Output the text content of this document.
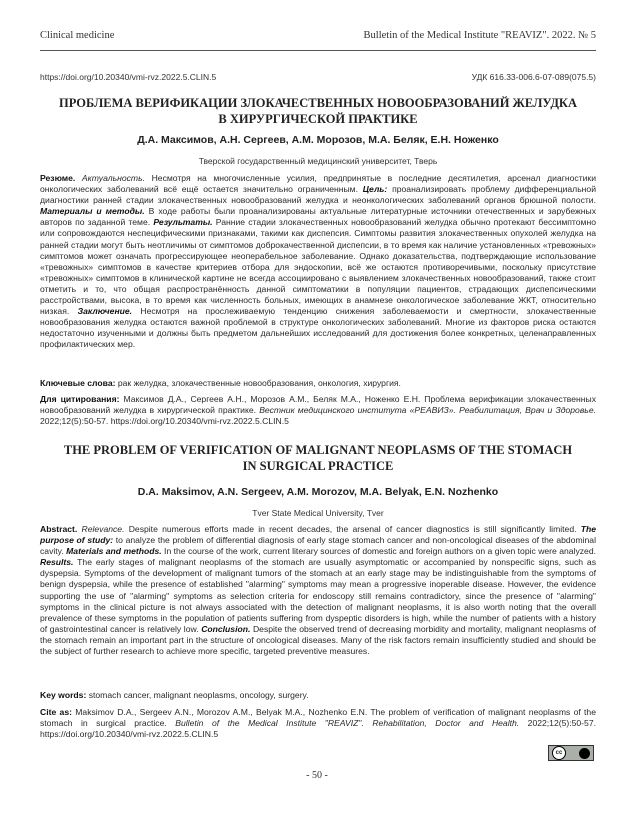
Clinical medicine	Bulletin of the Medical Institute "REAVIZ". 2022. № 5
https://doi.org/10.20340/vmi-rvz.2022.5.CLIN.5	УДК 616.33-006.6-07-089(075.5)
ПРОБЛЕМА ВЕРИФИКАЦИИ ЗЛОКАЧЕСТВЕННЫХ НОВООБРАЗОВАНИЙ ЖЕЛУДКА
В ХИРУРГИЧЕСКОЙ ПРАКТИКЕ
Д.А. Максимов, А.Н. Сергеев, А.М. Морозов, М.А. Беляк, Е.Н. Ноженко
Тверской государственный медицинский университет, Тверь
Резюме. Актуальность. Несмотря на многочисленные усилия, предпринятые в последние десятилетия, арсенал диагностики онкологических заболеваний всё ещё остается значительно ограниченным. Цель: проанализировать проблему дифференциальной диагностики ранней стадии злокачественных новообразований желудка и неонкологических заболеваний органов брюшной полости. Материалы и методы. В ходе работы были проанализированы актуальные литературные источники отечественных и зарубежных авторов по заданной теме. Результаты. Ранние стадии злокачественных новообразований желудка обычно протекают бессимптомно или сопровождаются неспецифическими признаками, такими как диспепсия. Симптомы развития злокачественных опухолей желудка на ранней стадии могут быть неотличимы от симптомов доброкачественной диспепсии, в то время как наличие установленных «тревожных» симптомов может означать прогрессирующее неоперабельное заболевание. Однако доказательства, подтверждающие использование «тревожных» симптомов в качестве критериев отбора для эндоскопии, всё же остаются противоречивыми, поскольку присутствие «тревожных» симптомов в клинической картине не всегда ассоциировано с выявлением злокачественных новообразований, также стоит отметить и то, что общая распространённость данной симптоматики в популяции пациентов, страдающих диспепсическими расстройствами, высока, в то время как численность больных, имеющих в анамнезе онкологическое заболевание ЖКТ, относительно низкая. Заключение. Несмотря на прослеживаемую тенденцию снижения заболеваемости и смертности, злокачественные новообразования желудка остаются важной проблемой в структуре онкологических заболеваний. Многие из факторов риска остаются недостаточно изученными и должны быть предметом дальнейших исследований для достижения более конкретных, целенаправленных профилактических мер.
Ключевые слова: рак желудка, злокачественные новообразования, онкология, хирургия.
Для цитирования: Максимов Д.А., Сергеев А.Н., Морозов А.М., Беляк М.А., Ноженко Е.Н. Проблема верификации злокачественных новообразований желудка в хирургической практике. Вестник медицинского института «РЕАВИЗ». Реабилитация, Врач и Здоровье. 2022;12(5):50-57. https://doi.org/10.20340/vmi-rvz.2022.5.CLIN.5
THE PROBLEM OF VERIFICATION OF MALIGNANT NEOPLASMS OF THE STOMACH
IN SURGICAL PRACTICE
D.A. Maksimov, A.N. Sergeev, A.M. Morozov, M.A. Belyak, E.N. Nozhenko
Tver State Medical University, Tver
Abstract. Relevance. Despite numerous efforts made in recent decades, the arsenal of cancer diagnostics is still significantly limited. The purpose of study: to analyze the problem of differential diagnosis of early stage stomach cancer and non-oncological diseases of the abdominal cavity. Materials and methods. In the course of the work, current literary sources of domestic and foreign authors on a given topic were analyzed. Results. The early stages of malignant neoplasms of the stomach are usually asymptomatic or accompanied by nonspecific signs, such as dyspepsia. Symptoms of the development of malignant tumors of the stomach at an early stage may be indistinguishable from the symptoms of benign dyspepsia, while the presence of established "alarming" symptoms may mean a progressive inoperable disease. However, the evidence supporting the use of "alarming" symptoms as selection criteria for endoscopy still remains contradictory, since the presence of "alarming" symptoms in the clinical picture is not always associated with the detection of malignant neoplasms, it is also worth noting that the overall prevalence of these symptoms in the population of patients suffering from dyspeptic disorders is high, while the number of patients with a history of gastrointestinal cancer is relatively low. Conclusion. Despite the observed trend of decreasing morbidity and mortality, malignant neoplasms of the stomach remain an important part in the structure of oncological diseases. Many of the risk factors remain insufficiently studied and should be the subject of further research to achieve more specific, targeted preventive measures.
Key words: stomach cancer, malignant neoplasms, oncology, surgery.
Cite as: Maksimov D.A., Sergeev A.N., Morozov A.M., Belyak M.A., Nozhenko E.N. The problem of verification of malignant neoplasms of the stomach in surgical practice. Bulletin of the Medical Institute "REAVIZ". Rehabilitation, Doctor and Health. 2022;12(5):50-57. https://doi.org/10.20340/vmi-rvz.2022.5.CLIN.5
cc
- 50 -
